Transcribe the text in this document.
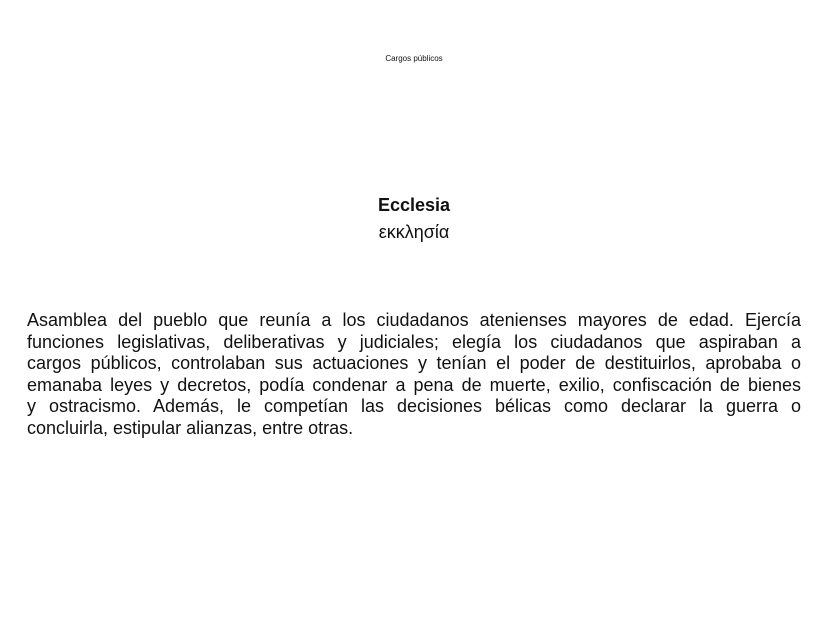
Cargos públicos
Ecclesia
εκκλησία
Asamblea del pueblo que reunía a los ciudadanos atenienses mayores de edad. Ejercía
funciones legislativas, deliberativas y judiciales; elegía los ciudadanos que aspiraban a
cargos públicos, controlaban sus actuaciones y tenían el poder de destituirlos, aprobaba o
emanaba leyes y decretos, podía condenar a pena de muerte, exilio, confiscación de bienes
y ostracismo. Además, le competían las decisiones bélicas como declarar la guerra o
concluirla, estipular alianzas, entre otras.
